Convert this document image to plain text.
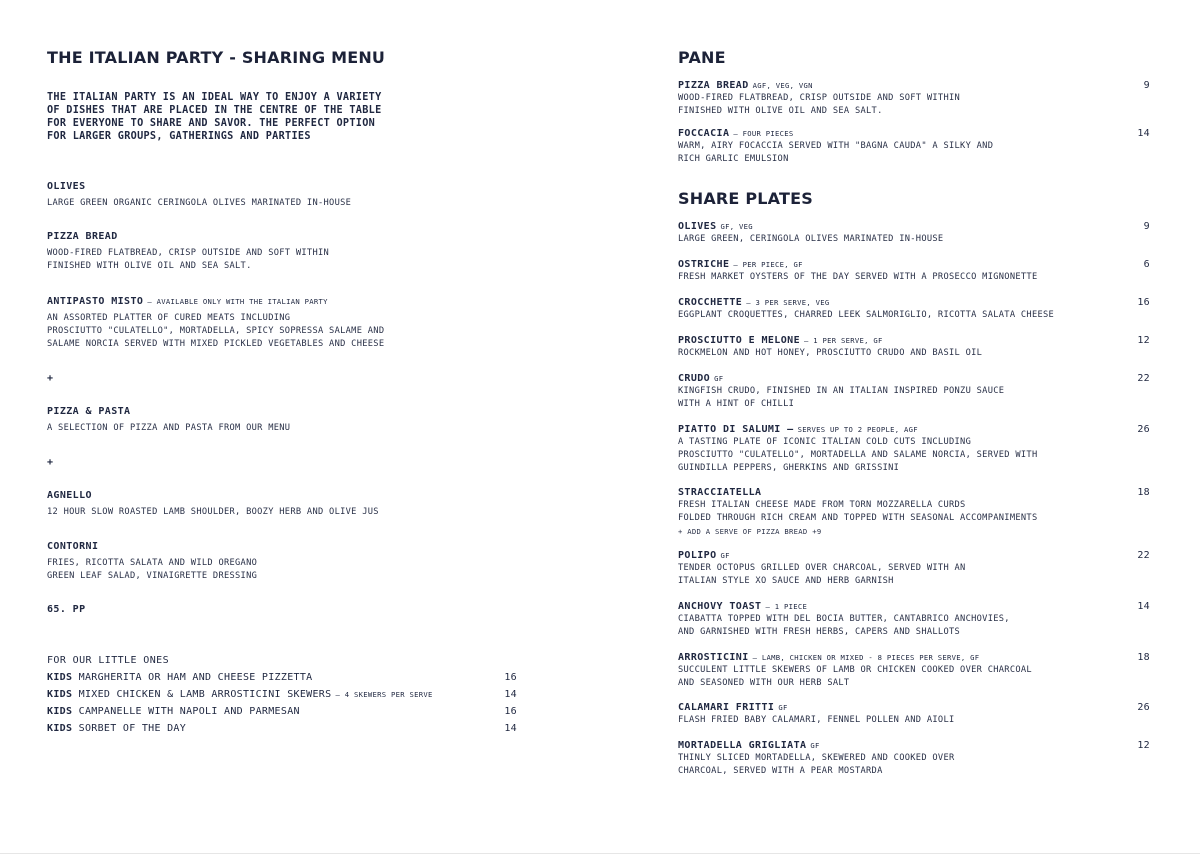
THE ITALIAN PARTY - SHARING MENU
THE ITALIAN PARTY IS AN IDEAL WAY TO ENJOY A VARIETY
OF DISHES THAT ARE PLACED IN THE CENTRE OF THE TABLE
FOR EVERYONE TO SHARE AND SAVOR. THE PERFECT OPTION
FOR LARGER GROUPS, GATHERINGS AND PARTIES
OLIVES
LARGE GREEN ORGANIC CERINGOLA OLIVES MARINATED IN-HOUSE
PIZZA BREAD
WOOD-FIRED FLATBREAD, CRISP OUTSIDE AND SOFT WITHIN
FINISHED WITH OLIVE OIL AND SEA SALT.
ANTIPASTO MISTO – AVAILABLE ONLY WITH THE ITALIAN PARTY
AN ASSORTED PLATTER OF CURED MEATS INCLUDING
PROSCIUTTO "CULATELLO", MORTADELLA, SPICY SOPRESSA SALAME AND
SALAME NORCIA SERVED WITH MIXED PICKLED VEGETABLES AND CHEESE
+
PIZZA & PASTA
A SELECTION OF PIZZA AND PASTA FROM OUR MENU
+
AGNELLO
12 HOUR SLOW ROASTED LAMB SHOULDER, BOOZY HERB AND OLIVE JUS
CONTORNI
FRIES, RICOTTA SALATA AND WILD OREGANO
GREEN LEAF SALAD, VINAIGRETTE DRESSING
65. PP
FOR OUR LITTLE ONES
KIDS MARGHERITA OR HAM AND CHEESE PIZZETTA	16
KIDS MIXED CHICKEN & LAMB ARROSTICINI SKEWERS – 4 SKEWERS PER SERVE	14
KIDS CAMPANELLE WITH NAPOLI AND PARMESAN	16
KIDS SORBET OF THE DAY	14
PANE
PIZZA BREAD AGF, VEG, VGN
WOOD-FIRED FLATBREAD, CRISP OUTSIDE AND SOFT WITHIN
FINISHED WITH OLIVE OIL AND SEA SALT.
9
FOCCACIA – FOUR PIECES
WARM, AIRY FOCACCIA SERVED WITH "BAGNA CAUDA" A SILKY AND
RICH GARLIC EMULSION
14
SHARE PLATES
OLIVES GF, VEG
LARGE GREEN, CERINGOLA OLIVES MARINATED IN-HOUSE
9
OSTRICHE – PER PIECE, GF
FRESH MARKET OYSTERS OF THE DAY SERVED WITH A PROSECCO MIGNONETTE
6
CROCCHETTE – 3 PER SERVE, VEG
EGGPLANT CROQUETTES, CHARRED LEEK SALMORIGLIO, RICOTTA SALATA CHEESE
16
PROSCIUTTO E MELONE – 1 PER SERVE, GF
ROCKMELON AND HOT HONEY, PROSCIUTTO CRUDO AND BASIL OIL
12
CRUDO GF
KINGFISH CRUDO, FINISHED IN AN ITALIAN INSPIRED PONZU SAUCE
WITH A HINT OF CHILLI
22
PIATTO DI SALUMI – SERVES UP TO 2 PEOPLE, AGF
A TASTING PLATE OF ICONIC ITALIAN COLD CUTS INCLUDING
PROSCIUTTO "CULATELLO", MORTADELLA AND SALAME NORCIA, SERVED WITH
GUINDILLA PEPPERS, GHERKINS AND GRISSINI
26
STRACCIATELLA
FRESH ITALIAN CHEESE MADE FROM TORN MOZZARELLA CURDS
FOLDED THROUGH RICH CREAM AND TOPPED WITH SEASONAL ACCOMPANIMENTS
+ ADD A SERVE OF PIZZA BREAD +9
18
POLIPO GF
TENDER OCTOPUS GRILLED OVER CHARCOAL, SERVED WITH AN
ITALIAN STYLE XO SAUCE AND HERB GARNISH
22
ANCHOVY TOAST – 1 PIECE
CIABATTA TOPPED WITH DEL BOCIA BUTTER, CANTABRICO ANCHOVIES,
AND GARNISHED WITH FRESH HERBS, CAPERS AND SHALLOTS
14
ARROSTICINI – LAMB, CHICKEN OR MIXED - 8 PIECES PER SERVE, GF
SUCCULENT LITTLE SKEWERS OF LAMB OR CHICKEN COOKED OVER CHARCOAL
AND SEASONED WITH OUR HERB SALT
18
CALAMARI FRITTI GF
FLASH FRIED BABY CALAMARI, FENNEL POLLEN AND AIOLI
26
MORTADELLA GRIGLIATA GF
THINLY SLICED MORTADELLA, SKEWERED AND COOKED OVER
CHARCOAL, SERVED WITH A PEAR MOSTARDA
12
